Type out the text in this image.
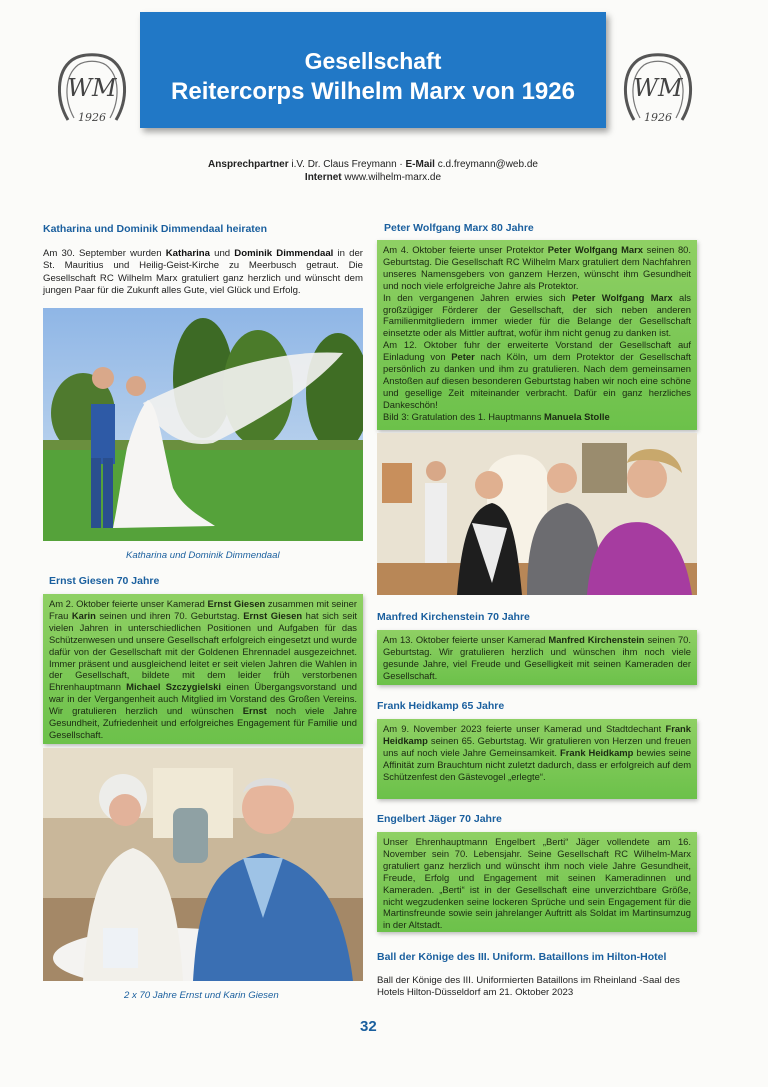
Gesellschaft
Reitercorps Wilhelm Marx von 1926
WM
1926
WM
1926
Ansprechpartner i.V. Dr. Claus Freymann · E-Mail c.d.freymann@web.de
Internet www.wilhelm-marx.de
Katharina und Dominik Dimmendaal heiraten
Am 30. September wurden Katharina und Dominik Dimmendaal in der St. Mauritius und Heilig-Geist-Kirche zu Meerbusch getraut. Die Gesellschaft RC Wilhelm Marx gratuliert ganz herzlich und wünscht dem jungen Paar für die Zukunft alles Gute, viel Glück und Erfolg.
Katharina und Dominik Dimmendaal
Ernst Giesen 70 Jahre

Am 2. Oktober feierte unser Kamerad Ernst Giesen zusammen mit seiner Frau Karin seinen und ihren 70. Geburtstag. Ernst Giesen hat sich seit vielen Jahren in unterschiedlichen Positionen und Aufgaben für das Schützenwesen und unsere Gesellschaft erfolgreich eingesetzt und wurde dafür von der Gesellschaft mit der Goldenen Ehrennadel ausgezeichnet. Immer präsent und ausgleichend leitet er seit vielen Jahren die Wahlen in der Gesellschaft, bildete mit dem leider früh verstorbenen Ehrenhauptmann Michael Szczygielski einen Übergangsvorstand und war in der Vergangenheit auch Mitglied im Vorstand des Großen Vereins. Wir gratulieren herzlich und wünschen Ernst noch viele Jahre Gesundheit, Zufriedenheit und erfolgreiches Engagement für Familie und Gesellschaft.

2 x 70 Jahre Ernst und Karin Giesen
Peter Wolfgang Marx 80 Jahre

Am 4. Oktober feierte unser Protektor Peter Wolfgang Marx seinen 80. Geburtstag. Die Gesellschaft RC Wilhelm Marx gratuliert dem Nachfahren unseres Namensgebers von ganzem Herzen, wünscht ihm Gesundheit und noch viele erfolgreiche Jahre als Protektor.

In den vergangenen Jahren erwies sich Peter Wolfgang Marx als großzügiger Förderer der Gesellschaft, der sich neben anderen Familienmitgliedern immer wieder für die Belange der Gesellschaft einsetzte oder als Mittler auftrat, wofür ihm nicht genug zu danken ist.

Am 12. Oktober fuhr der erweiterte Vorstand der Gesellschaft auf Einladung von Peter nach Köln, um dem Protektor der Gesellschaft persönlich zu danken und ihm zu gratulieren. Nach dem gemeinsamen Anstoßen auf diesen besonderen Geburtstag haben wir noch eine schöne und gesellige Zeit miteinander verbracht. Dafür ein ganz herzliches Dankeschön!

Bild 3: Gratulation des 1. Hauptmanns Manuela Stolle

Manfred Kirchenstein 70 Jahre

Am 13. Oktober feierte unser Kamerad Manfred Kirchenstein seinen 70. Geburtstag. Wir gratulieren herzlich und wünschen ihm noch viele gesunde Jahre, viel Freude und Geselligkeit mit seinen Kameraden der Gesellschaft.

Frank Heidkamp 65 Jahre

Am 9. November 2023 feierte unser Kamerad und Stadtdechant Frank Heidkamp seinen 65. Geburtstag. Wir gratulieren von Herzen und freuen uns auf noch viele Jahre Gemeinsamkeit. Frank Heidkamp bewies seine Affinität zum Brauchtum nicht zuletzt dadurch, dass er erfolgreich auf dem Schützenfest den Gästevogel „erlegte“.

Engelbert Jäger 70 Jahre

Unser Ehrenhauptmann Engelbert „Berti“ Jäger vollendete am 16. November sein 70. Lebensjahr. Seine Gesellschaft RC Wilhelm-Marx gratuliert ganz herzlich und wünscht ihm noch viele Jahre Gesundheit, Freude, Erfolg und Engagement mit seinen Kameradinnen und Kameraden. „Berti“ ist in der Gesellschaft eine unverzichtbare Größe, nicht wegzudenken seine lockeren Sprüche und sein Engagement für die Martinsfreunde sowie sein jahrelanger Auftritt als Soldat im Martinsumzug in der Altstadt.

Ball der Könige des III. Uniform. Bataillons im Hilton-Hotel
Ball der Könige des III. Uniformierten Bataillons im Rheinland -Saal des Hotels Hilton-Düsseldorf am 21. Oktober 2023
32
